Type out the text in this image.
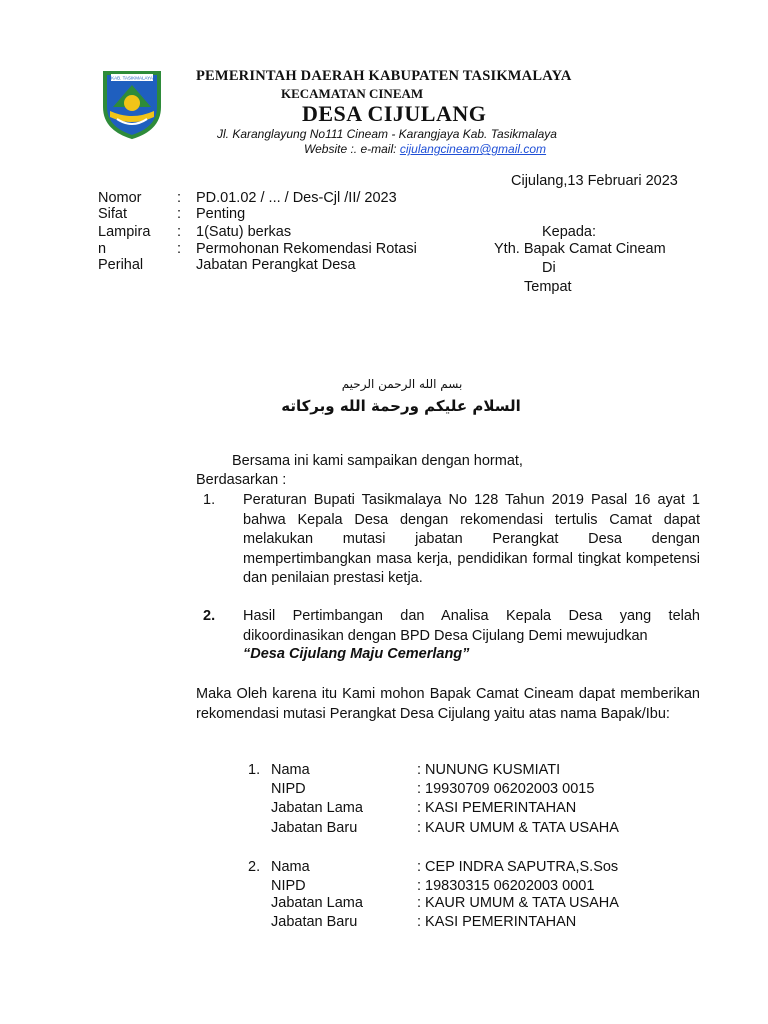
KAB. TASIKMALAYA	PEMERINTAH DAERAH KABUPATEN TASIKMALAYA
KECAMATAN CINEAM
DESA CIJULANG
Jl. Karanglayung No111 Cineam - Karangjaya Kab. Tasikmalaya
Website :. e-mail: cijulangcineam@gmail.com
Cijulang,13 Februari 2023
Nomor : PD.01.02 / ... / Des-Cjl /II/ 2023
Sifat	: Penting
Lampira : 1(Satu) berkas
n	: Permohonan Rekomendasi Rotasi
Perihal	Jabatan Perangkat Desa
Kepada:
Yth. Bapak Camat Cineam
Di
Tempat
بسم الله الرحمن الرحيم
السلام عليكم ورحمة الله وبركاته
Bersama ini kami sampaikan dengan hormat,
Berdasarkan :
1. Peraturan Bupati Tasikmalaya No 128 Tahun 2019 Pasal 16 ayat 1 bahwa Kepala Desa dengan rekomendasi tertulis Camat dapat melakukan mutasi jabatan Perangkat Desa dengan mempertimbangkan masa kerja, pendidikan formal tingkat kompetensi dan penilaian prestasi ketja.
2. Hasil Pertimbangan dan Analisa Kepala Desa yang telah dikoordinasikan dengan BPD Desa Cijulang Demi mewujudkan
“Desa Cijulang Maju Cemerlang”
Maka Oleh karena itu Kami mohon Bapak Camat Cineam dapat memberikan rekomendasi mutasi Perangkat Desa Cijulang yaitu atas nama Bapak/Ibu:
1. Nama	: NUNUNG KUSMIATI
NIPD	: 19930709 06202003 0015
Jabatan Lama	: KASI PEMERINTAHAN
Jabatan Baru	: KAUR UMUM & TATA USAHA
2. Nama	: CEP INDRA SAPUTRA,S.Sos
NIPD	: 19830315 06202003 0001
Jabatan Lama	: KAUR UMUM & TATA USAHA
Jabatan Baru	: KASI PEMERINTAHAN
